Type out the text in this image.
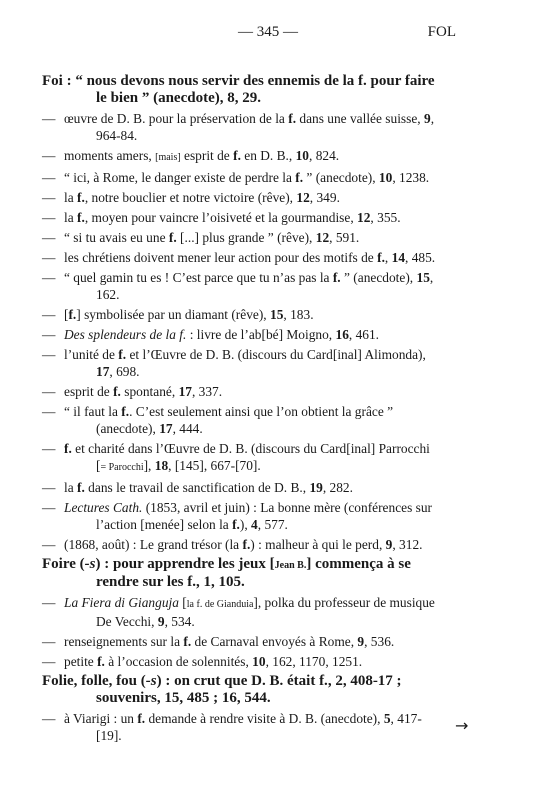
— 345 —	FOL
Foi : “ nous devons nous servir des ennemis de la f. pour faire le bien ” (anecdote), 8, 29.
— œuvre de D. B. pour la préservation de la f. dans une vallée suisse, 9, 964-84.
— moments amers, [mais] esprit de f. en D. B., 10, 824.
— “ ici, à Rome, le danger existe de perdre la f. ” (anecdote), 10, 1238.
— la f., notre bouclier et notre victoire (rêve), 12, 349.
— la f., moyen pour vaincre l’oisiveté et la gourmandise, 12, 355.
— “ si tu avais eu une f. [...] plus grande ” (rêve), 12, 591.
— les chrétiens doivent mener leur action pour des motifs de f., 14, 485.
— “ quel gamin tu es ! C’est parce que tu n’as pas la f. ” (anecdote), 15, 162.
— [f.] symbolisée par un diamant (rêve), 15, 183.
— Des splendeurs de la f. : livre de l’ab[bé] Moigno, 16, 461.
— l’unité de f. et l’Œuvre de D. B. (discours du Card[inal] Alimonda), 17, 698.
— esprit de f. spontané, 17, 337.
— “ il faut la f.. C’est seulement ainsi que l’on obtient la grâce ” (anecdote), 17, 444.
— f. et charité dans l’Œuvre de D. B. (discours du Card[inal] Parrocchi [= Parocchi], 18, [145], 667-[70].
— la f. dans le travail de sanctification de D. B., 19, 282.
— Lectures Cath. (1853, avril et juin) : La bonne mère (conférences sur l’action [menée] selon la f.), 4, 577.
— (1868, août) : Le grand trésor (la f.) : malheur à qui le perd, 9, 312.
Foire (-s) : pour apprendre les jeux [Jean B.] commença à se rendre sur les f., 1, 105.
— La Fiera di Gianguja [la f. de Gianduia], polka du professeur de musique De Vecchi, 9, 534.
— renseignements sur la f. de Carnaval envoyés à Rome, 9, 536.
— petite f. à l’occasion de solennités, 10, 162, 1170, 1251.
Folie, folle, fou (-s) : on crut que D. B. était f., 2, 408-17 ; souvenirs, 15, 485 ; 16, 544.
— à Viarigi : un f. demande à rendre visite à D. B. (anecdote), 5, 417-[19].
→
